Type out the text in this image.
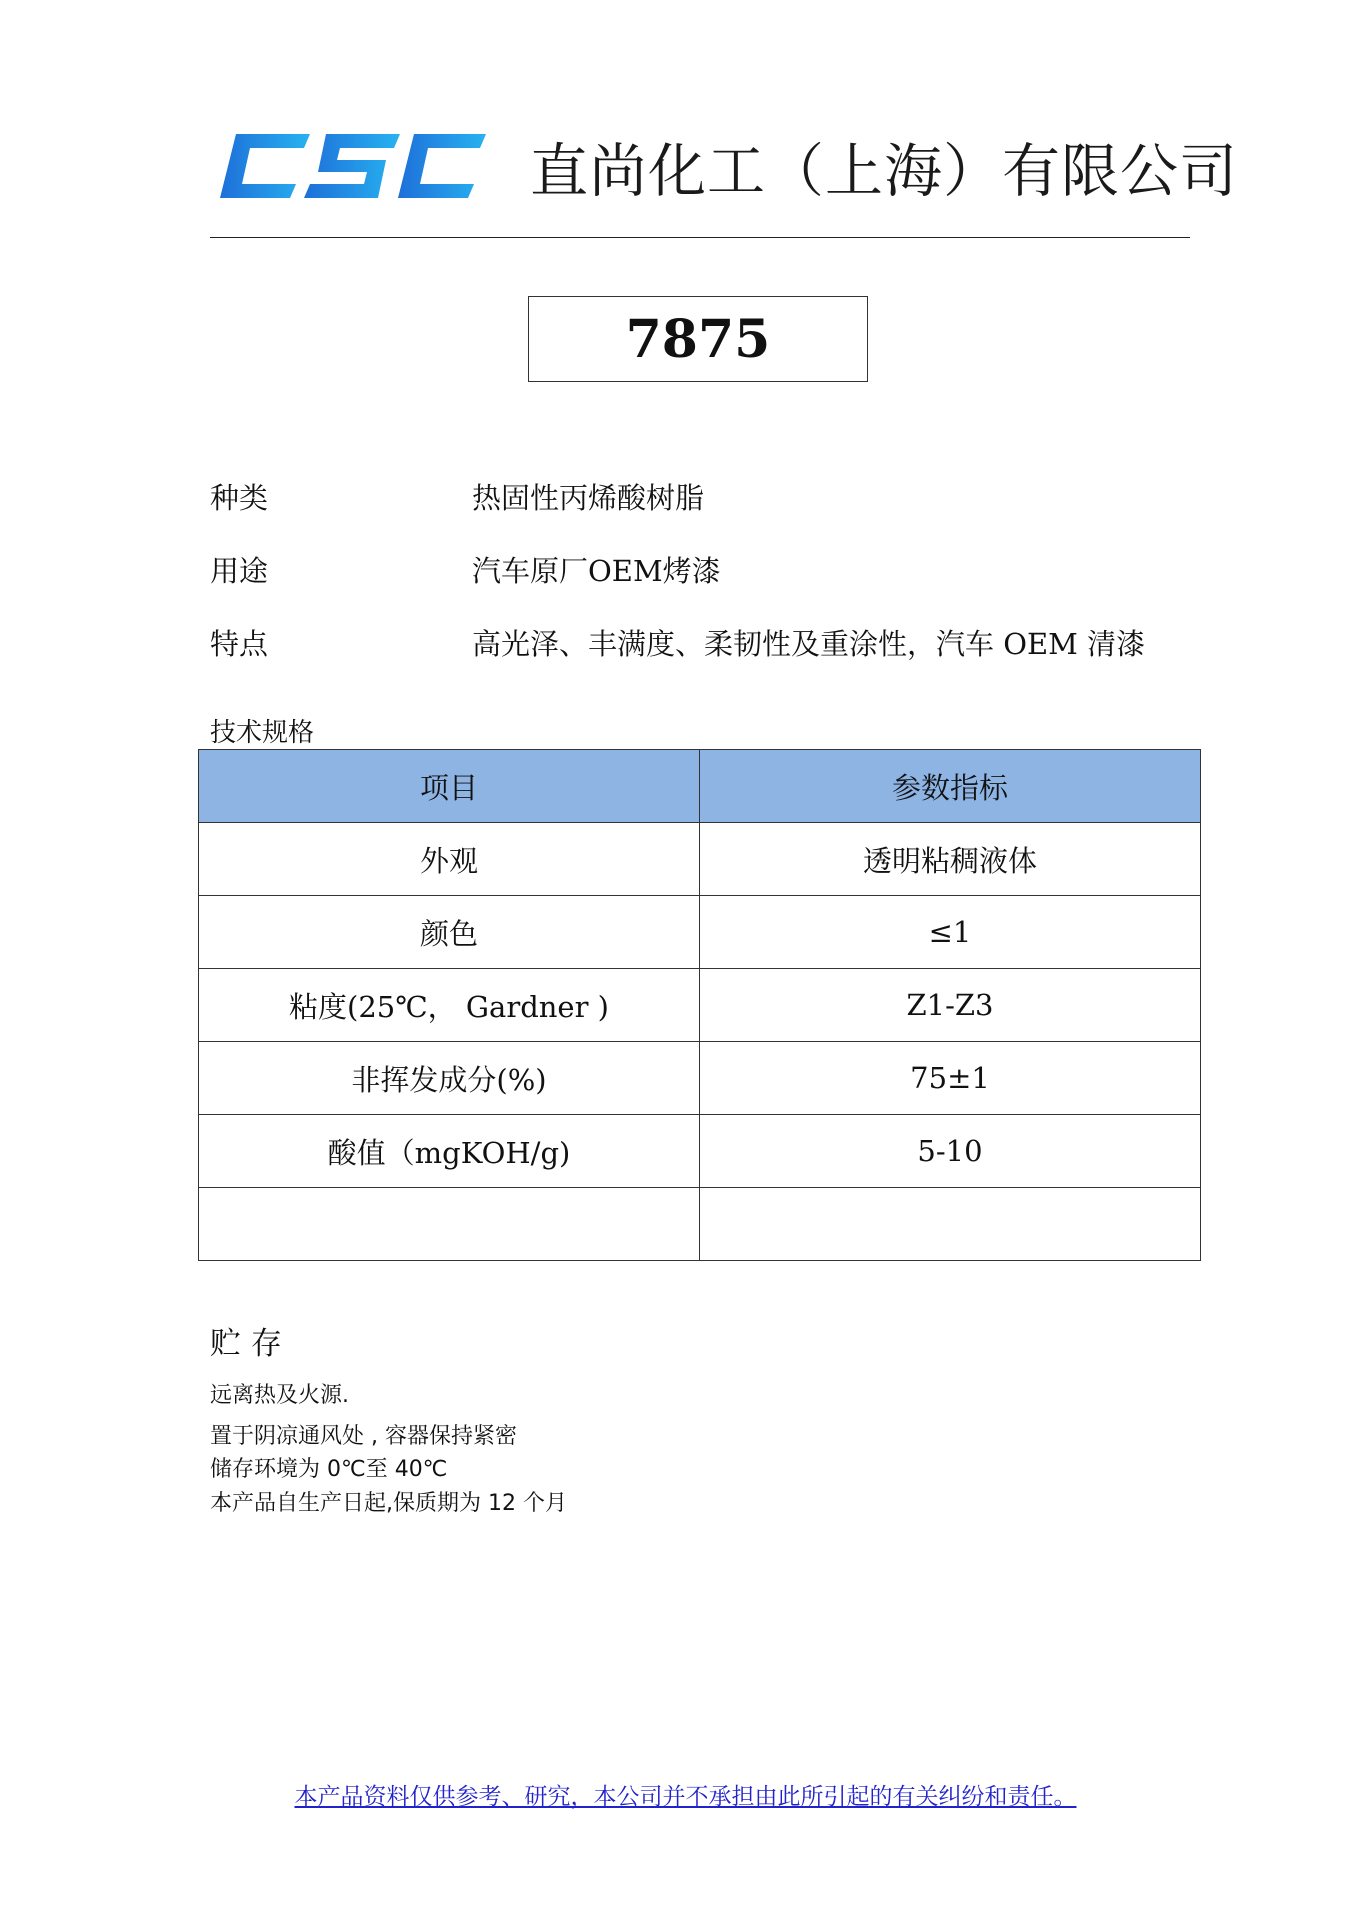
直尚化工（上海）有限公司
7875
种类	热固性丙烯酸树脂
用途	汽车原厂OEM烤漆
特点	高光泽、丰满度、柔韧性及重涂性，汽车 OEM 清漆
技术规格
项目	参数指标
外观	透明粘稠液体
颜色	≤1
粘度(25℃， Gardner )	Z1-Z3
非挥发成分(%)	75±1
酸值（mgKOH/g)	5-10

贮 存
远离热及火源.
置于阴凉通风处 , 容器保持紧密
储存环境为 0℃至 40℃
本产品自生产日起,保质期为 12 个月
本产品资料仅供参考、研究，本公司并不承担由此所引起的有关纠纷和责任。
